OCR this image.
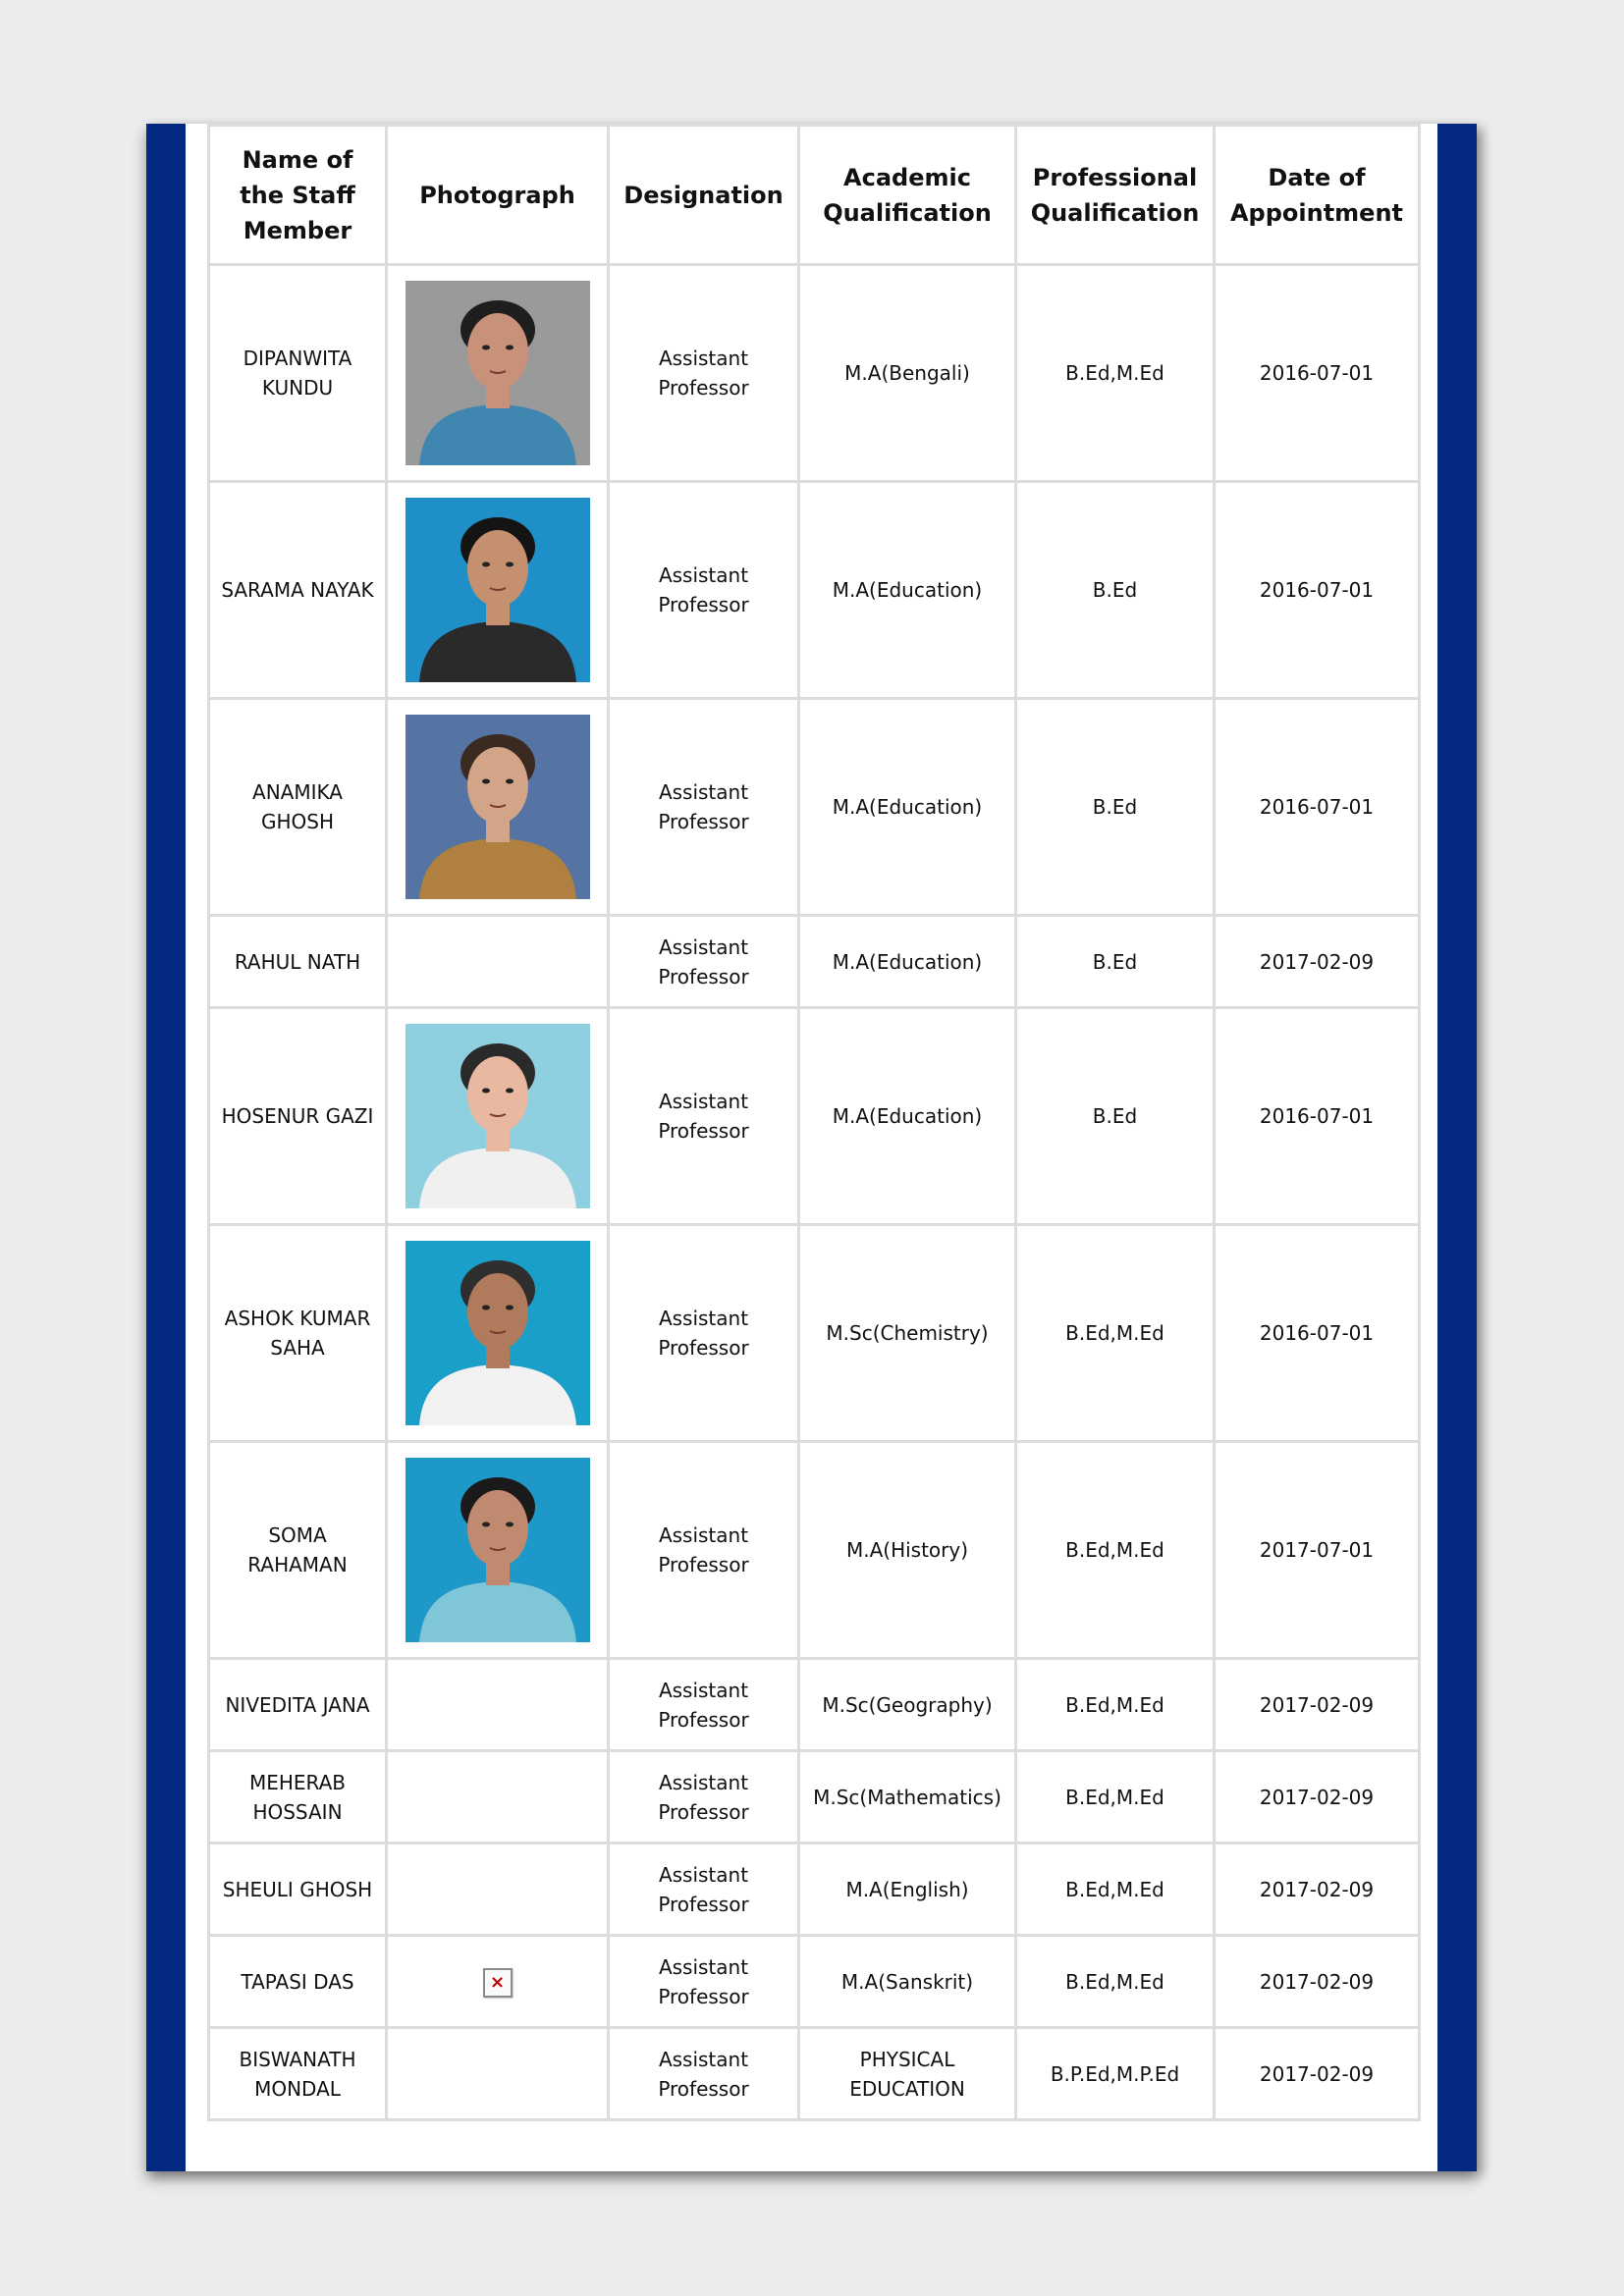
Name of the Staff Member	Photograph	Designation	Academic Qualification	Professional Qualification	Date of Appointment
DIPANWITA KUNDU		Assistant Professor	M.A(Bengali)	B.Ed,M.Ed	2016-07-01
SARAMA NAYAK		Assistant Professor	M.A(Education)	B.Ed	2016-07-01
ANAMIKA GHOSH		Assistant Professor	M.A(Education)	B.Ed	2016-07-01
RAHUL NATH		Assistant Professor	M.A(Education)	B.Ed	2017-02-09
HOSENUR GAZI		Assistant Professor	M.A(Education)	B.Ed	2016-07-01
ASHOK KUMAR SAHA		Assistant Professor	M.Sc(Chemistry)	B.Ed,M.Ed	2016-07-01
SOMA RAHAMAN		Assistant Professor	M.A(History)	B.Ed,M.Ed	2017-07-01
NIVEDITA JANA		Assistant Professor	M.Sc(Geography)	B.Ed,M.Ed	2017-02-09
MEHERAB HOSSAIN		Assistant Professor	M.Sc(Mathematics)	B.Ed,M.Ed	2017-02-09
SHEULI GHOSH		Assistant Professor	M.A(English)	B.Ed,M.Ed	2017-02-09
TAPASI DAS	×	Assistant Professor	M.A(Sanskrit)	B.Ed,M.Ed	2017-02-09
BISWANATH MONDAL		Assistant Professor	PHYSICAL EDUCATION	B.P.Ed,M.P.Ed	2017-02-09
